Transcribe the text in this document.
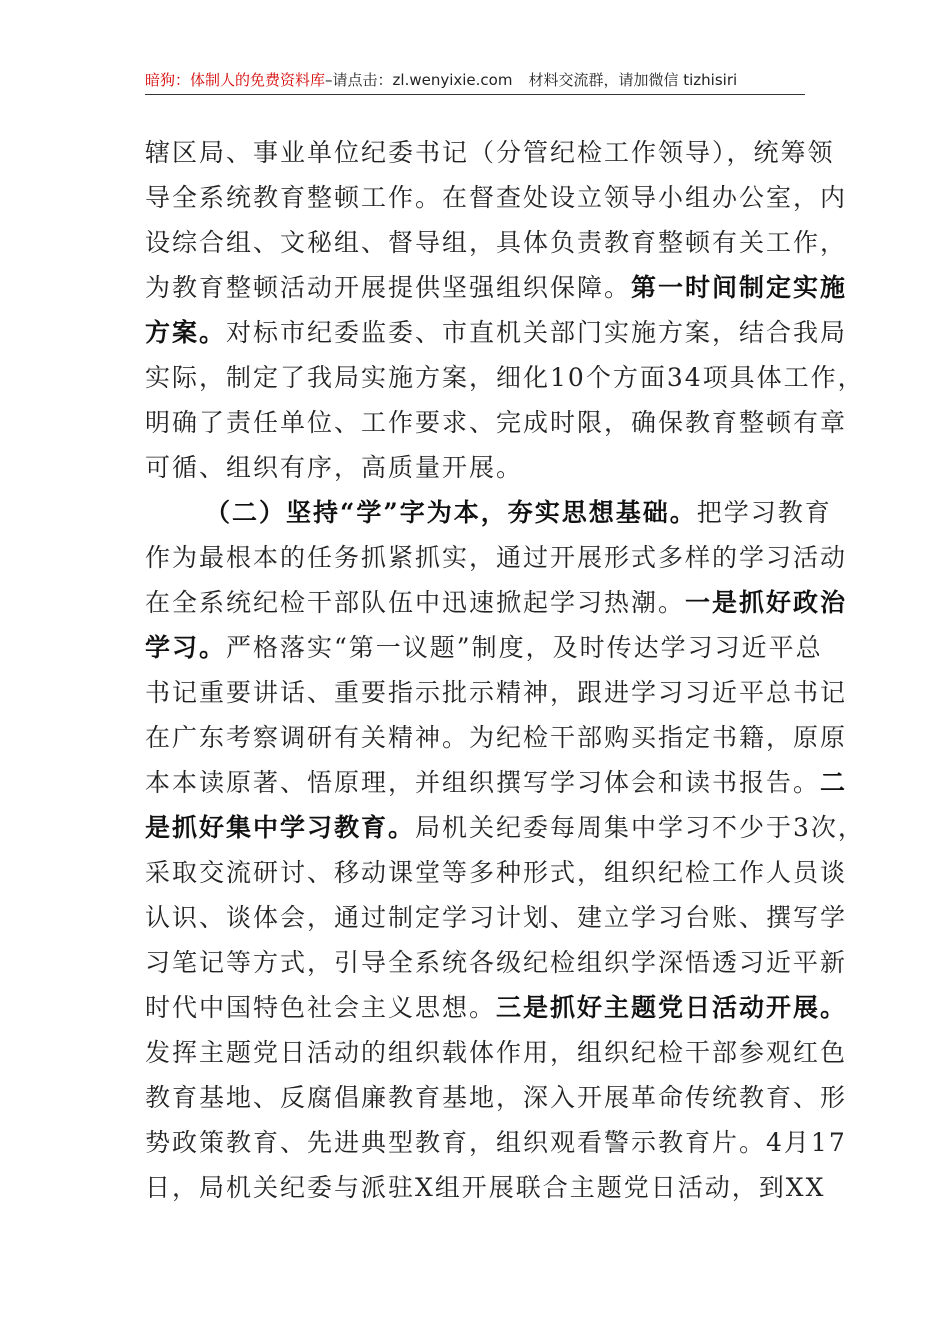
暗狗：体制人的免费资料库–请点击：zl.wenyixie.com 材料交流群，请加微信 tizhisiri
辖区局、事业单位纪委书记（分管纪检工作领导），统筹领
导全系统教育整顿工作。在督查处设立领导小组办公室，内
设综合组、文秘组、督导组，具体负责教育整顿有关工作，
为教育整顿活动开展提供坚强组织保障。第一时间制定实施
方案。对标市纪委监委、市直机关部门实施方案，结合我局
实际，制定了我局实施方案，细化10个方面34项具体工作，
明确了责任单位、工作要求、完成时限，确保教育整顿有章
可循、组织有序，高质量开展。
（二）坚持“学”字为本，夯实思想基础。把学习教育
作为最根本的任务抓紧抓实，通过开展形式多样的学习活动
在全系统纪检干部队伍中迅速掀起学习热潮。一是抓好政治
学习。严格落实“第一议题”制度，及时传达学习习近平总
书记重要讲话、重要指示批示精神，跟进学习习近平总书记
在广东考察调研有关精神。为纪检干部购买指定书籍，原原
本本读原著、悟原理，并组织撰写学习体会和读书报告。二
是抓好集中学习教育。局机关纪委每周集中学习不少于3次，
采取交流研讨、移动课堂等多种形式，组织纪检工作人员谈
认识、谈体会，通过制定学习计划、建立学习台账、撰写学
习笔记等方式，引导全系统各级纪检组织学深悟透习近平新
时代中国特色社会主义思想。三是抓好主题党日活动开展。
发挥主题党日活动的组织载体作用，组织纪检干部参观红色
教育基地、反腐倡廉教育基地，深入开展革命传统教育、形
势政策教育、先进典型教育，组织观看警示教育片。4月17
日，局机关纪委与派驻X组开展联合主题党日活动，到XX
